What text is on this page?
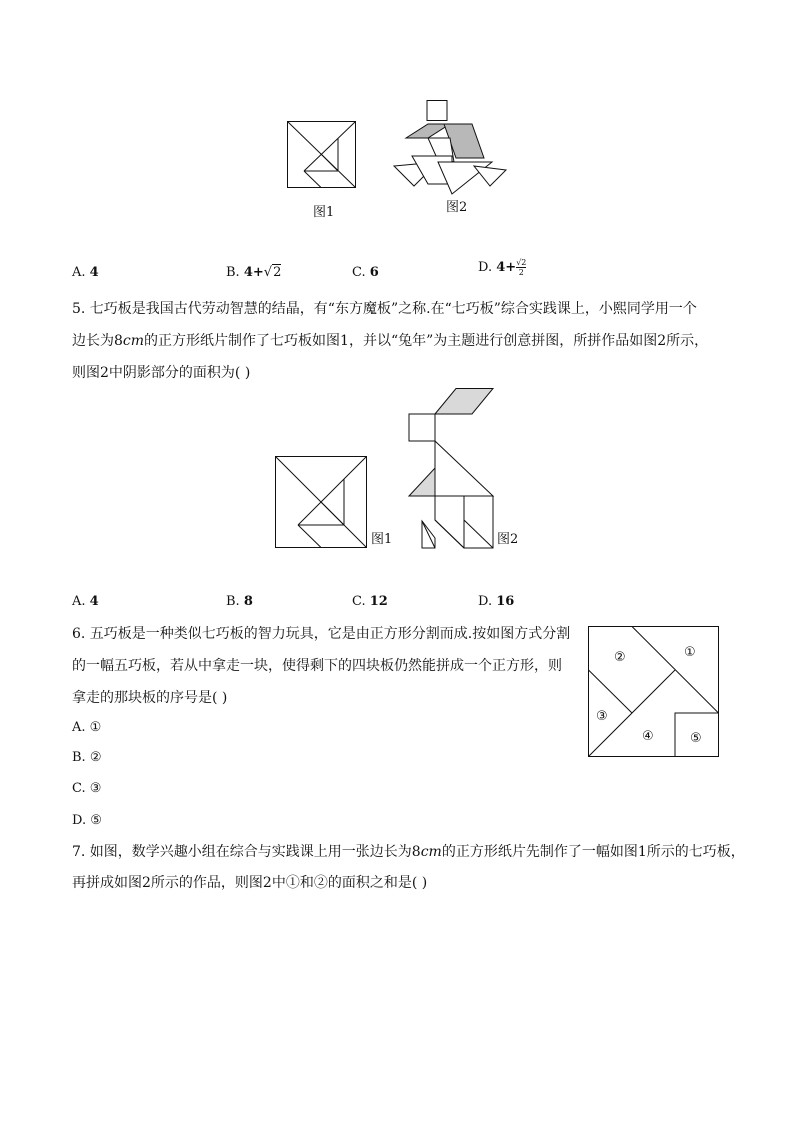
图1	图2
A. 4	B. 4+√2	C. 6	D. $4+\frac{√2}{2}$
5. 七巧板是我国古代劳动智慧的结晶，有“东方魔板”之称.在“七巧板”综合实践课上，小熙同学用一个
边长为8cm的正方形纸片制作了七巧板如图1，并以“兔年”为主题进行创意拼图，所拼作品如图2所示，
则图2中阴影部分的面积为( )
图1	图2
A. 4	B. 8	C. 12	D. 16
6. 五巧板是一种类似七巧板的智力玩具，它是由正方形分割而成.按如图方式分割
的一幅五巧板，若从中拿走一块，使得剩下的四块板仍然能拼成一个正方形，则
拿走的那块板的序号是( )
②	①
③
④	⑤
A. ①
B. ②
C. ③
D. ⑤
7. 如图，数学兴趣小组在综合与实践课上用一张边长为8cm的正方形纸片先制作了一幅如图1所示的七巧板，
再拼成如图2所示的作品，则图2中①和②的面积之和是( )
